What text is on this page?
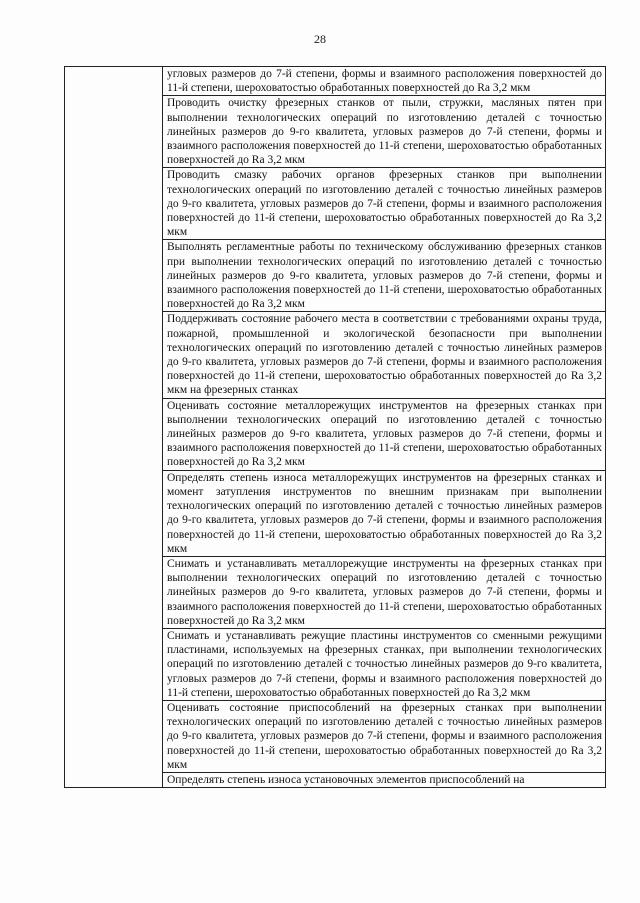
28
	угловых размеров до 7-й степени, формы и взаимного расположения поверхностей до 11-й степени, шероховатостью обработанных поверхностей до Ra 3,2 мкм
Проводить очистку фрезерных станков от пыли, стружки, масляных пятен при выполнении технологических операций по изготовлению деталей с точностью линейных размеров до 9-го квалитета, угловых размеров до 7-й степени, формы и взаимного расположения поверхностей до 11-й степени, шероховатостью обработанных поверхностей до Ra 3,2 мкм
Проводить смазку рабочих органов фрезерных станков при выполнении технологических операций по изготовлению деталей с точностью линейных размеров до 9-го квалитета, угловых размеров до 7-й степени, формы и взаимного расположения поверхностей до 11-й степени, шероховатостью обработанных поверхностей до Ra 3,2 мкм
Выполнять регламентные работы по техническому обслуживанию фрезерных станков при выполнении технологических операций по изготовлению деталей с точностью линейных размеров до 9-го квалитета, угловых размеров до 7-й степени, формы и взаимного расположения поверхностей до 11-й степени, шероховатостью обработанных поверхностей до Ra 3,2 мкм
Поддерживать состояние рабочего места в соответствии с требованиями охраны труда, пожарной, промышленной и экологической безопасности при выполнении технологических операций по изготовлению деталей с точностью линейных размеров до 9-го квалитета, угловых размеров до 7-й степени, формы и взаимного расположения поверхностей до 11-й степени, шероховатостью обработанных поверхностей до Ra 3,2 мкм на фрезерных станках
Оценивать состояние металлорежущих инструментов на фрезерных станках при выполнении технологических операций по изготовлению деталей с точностью линейных размеров до 9-го квалитета, угловых размеров до 7-й степени, формы и взаимного расположения поверхностей до 11-й степени, шероховатостью обработанных поверхностей до Ra 3,2 мкм
Определять степень износа металлорежущих инструментов на фрезерных станках и момент затупления инструментов по внешним признакам при выполнении технологических операций по изготовлению деталей с точностью линейных размеров до 9-го квалитета, угловых размеров до 7-й степени, формы и взаимного расположения поверхностей до 11-й степени, шероховатостью обработанных поверхностей до Ra 3,2 мкм
Снимать и устанавливать металлорежущие инструменты на фрезерных станках при выполнении технологических операций по изготовлению деталей с точностью линейных размеров до 9-го квалитета, угловых размеров до 7-й степени, формы и взаимного расположения поверхностей до 11-й степени, шероховатостью обработанных поверхностей до Ra 3,2 мкм
Снимать и устанавливать режущие пластины инструментов со сменными режущими пластинами, используемых на фрезерных станках, при выполнении технологических операций по изготовлению деталей с точностью линейных размеров до 9-го квалитета, угловых размеров до 7-й степени, формы и взаимного расположения поверхностей до 11-й степени, шероховатостью обработанных поверхностей до Ra 3,2 мкм
Оценивать состояние приспособлений на фрезерных станках при выполнении технологических операций по изготовлению деталей с точностью линейных размеров до 9-го квалитета, угловых размеров до 7-й степени, формы и взаимного расположения поверхностей до 11-й степени, шероховатостью обработанных поверхностей до Ra 3,2 мкм
Определять степень износа установочных элементов приспособлений на
